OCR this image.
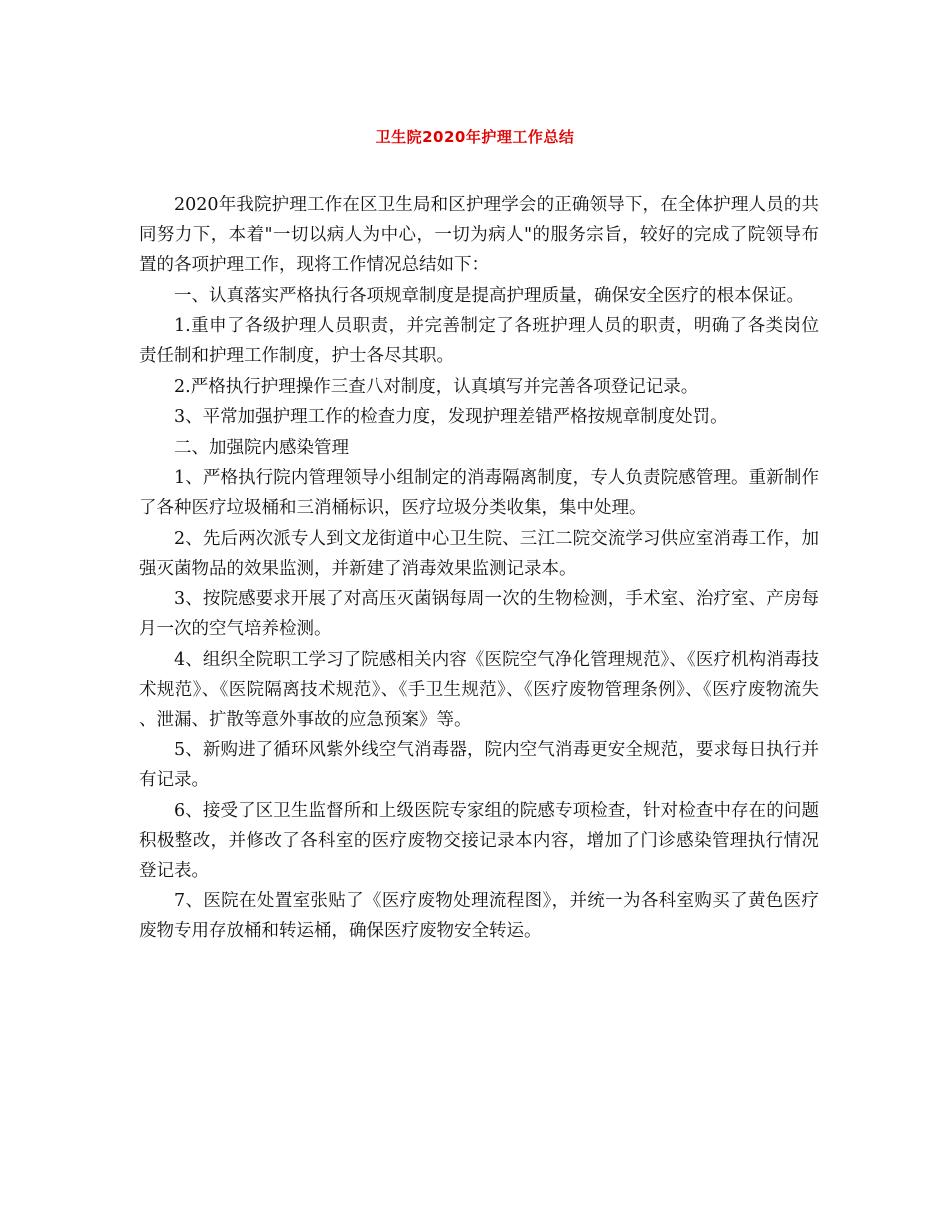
卫生院2020年护理工作总结

2020年我院护理工作在区卫生局和区护理学会的正确领导下，在全体护理人员的共同努力下，本着"一切以病人为中心，一切为病人"的服务宗旨，较好的完成了院领导布置的各项护理工作，现将工作情况总结如下：

一、认真落实严格执行各项规章制度是提高护理质量，确保安全医疗的根本保证。

1.重申了各级护理人员职责，并完善制定了各班护理人员的职责，明确了各类岗位责任制和护理工作制度，护士各尽其职。

2.严格执行护理操作三查八对制度，认真填写并完善各项登记记录。

3、平常加强护理工作的检查力度，发现护理差错严格按规章制度处罚。

二、加强院内感染管理

1、严格执行院内管理领导小组制定的消毒隔离制度，专人负责院感管理。重新制作了各种医疗垃圾桶和三消桶标识，医疗垃圾分类收集，集中处理。

2、先后两次派专人到文龙街道中心卫生院、三江二院交流学习供应室消毒工作，加强灭菌物品的效果监测，并新建了消毒效果监测记录本。

3、按院感要求开展了对高压灭菌锅每周一次的生物检测，手术室、治疗室、产房每月一次的空气培养检测。

4、组织全院职工学习了院感相关内容《医院空气净化管理规范》、《医疗机构消毒技术规范》、《医院隔离技术规范》、《手卫生规范》、《医疗废物管理条例》、《医疗废物流失、泄漏、扩散等意外事故的应急预案》等。

5、新购进了循环风紫外线空气消毒器，院内空气消毒更安全规范，要求每日执行并有记录。

6、接受了区卫生监督所和上级医院专家组的院感专项检查，针对检查中存在的问题积极整改，并修改了各科室的医疗废物交接记录本内容，增加了门诊感染管理执行情况登记表。

7、医院在处置室张贴了《医疗废物处理流程图》，并统一为各科室购买了黄色医疗废物专用存放桶和转运桶，确保医疗废物安全转运。
